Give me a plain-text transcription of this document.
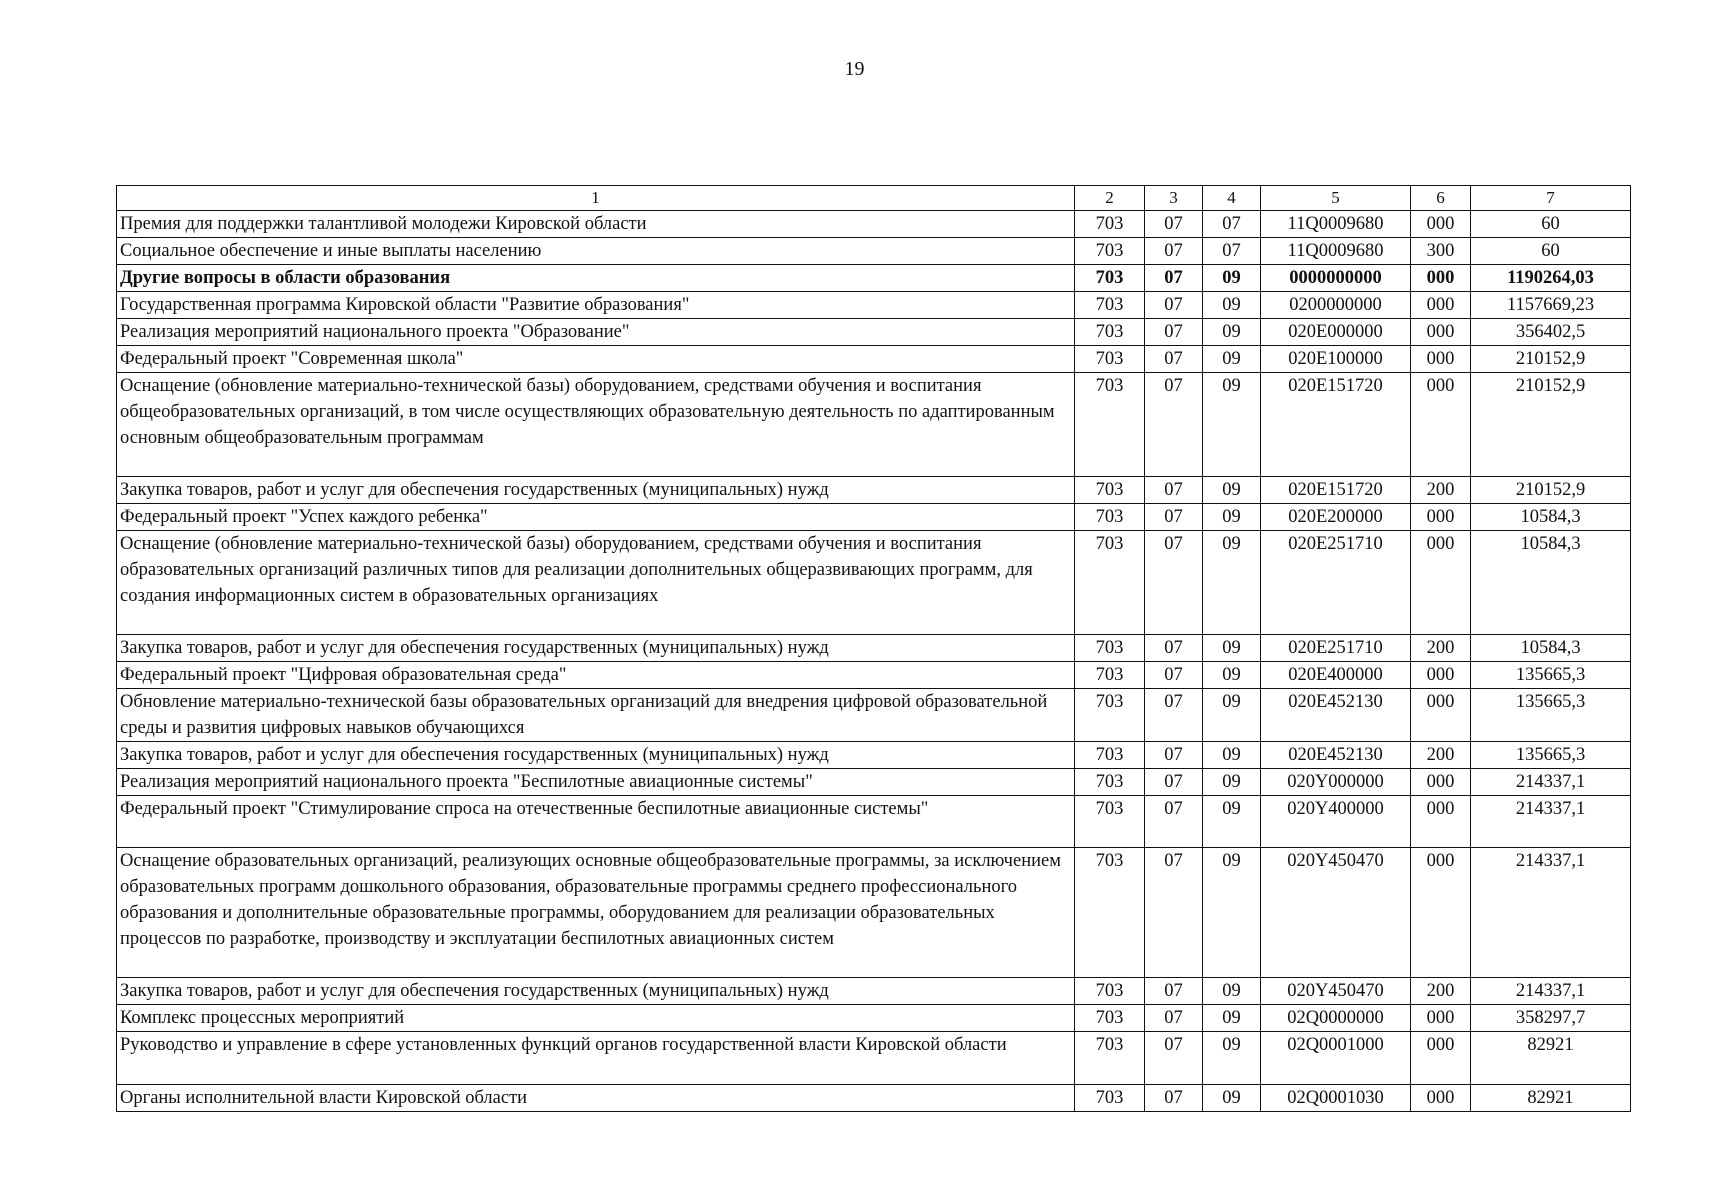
19
1	2	3	4	5	6	7
Премия для поддержки талантливой молодежи Кировской области	703	07	07	11Q0009680	000	60
Социальное обеспечение и иные выплаты населению	703	07	07	11Q0009680	300	60
Другие вопросы в области образования	703	07	09	0000000000	000	1190264,03
Государственная программа Кировской области "Развитие образования"	703	07	09	0200000000	000	1157669,23
Реализация мероприятий национального проекта "Образование"	703	07	09	020E000000	000	356402,5
Федеральный проект "Современная школа"	703	07	09	020E100000	000	210152,9
Оснащение (обновление материально-технической базы) оборудованием, средствами обучения и воспитания общеобразовательных организаций, в том числе осуществляющих образовательную деятельность по адаптированным основным общеобразовательным программам	703	07	09	020E151720	000	210152,9
Закупка товаров, работ и услуг для обеспечения государственных (муниципальных) нужд	703	07	09	020E151720	200	210152,9
Федеральный проект "Успех каждого ребенка"	703	07	09	020E200000	000	10584,3
Оснащение (обновление материально-технической базы) оборудованием, средствами обучения и воспитания образовательных организаций различных типов для реализации дополнительных общеразвивающих программ, для создания информационных систем в образовательных организациях	703	07	09	020E251710	000	10584,3
Закупка товаров, работ и услуг для обеспечения государственных (муниципальных) нужд	703	07	09	020E251710	200	10584,3
Федеральный проект "Цифровая образовательная среда"	703	07	09	020E400000	000	135665,3
Обновление материально-технической базы образовательных организаций для внедрения цифровой образовательной среды и развития цифровых навыков обучающихся	703	07	09	020E452130	000	135665,3
Закупка товаров, работ и услуг для обеспечения государственных (муниципальных) нужд	703	07	09	020E452130	200	135665,3
Реализация мероприятий национального проекта "Беспилотные авиационные системы"	703	07	09	020Y000000	000	214337,1
Федеральный проект "Стимулирование спроса на отечественные беспилотные авиационные системы"	703	07	09	020Y400000	000	214337,1
Оснащение образовательных организаций, реализующих основные общеобразовательные программы, за исключением образовательных программ дошкольного образования, образовательные программы среднего профессионального образования и дополнительные образовательные программы, оборудованием для реализации образовательных процессов по разработке, производству и эксплуатации беспилотных авиационных систем	703	07	09	020Y450470	000	214337,1
Закупка товаров, работ и услуг для обеспечения государственных (муниципальных) нужд	703	07	09	020Y450470	200	214337,1
Комплекс процессных мероприятий	703	07	09	02Q0000000	000	358297,7
Руководство и управление в сфере установленных функций органов государственной власти Кировской области	703	07	09	02Q0001000	000	82921
Органы исполнительной власти Кировской области	703	07	09	02Q0001030	000	82921
